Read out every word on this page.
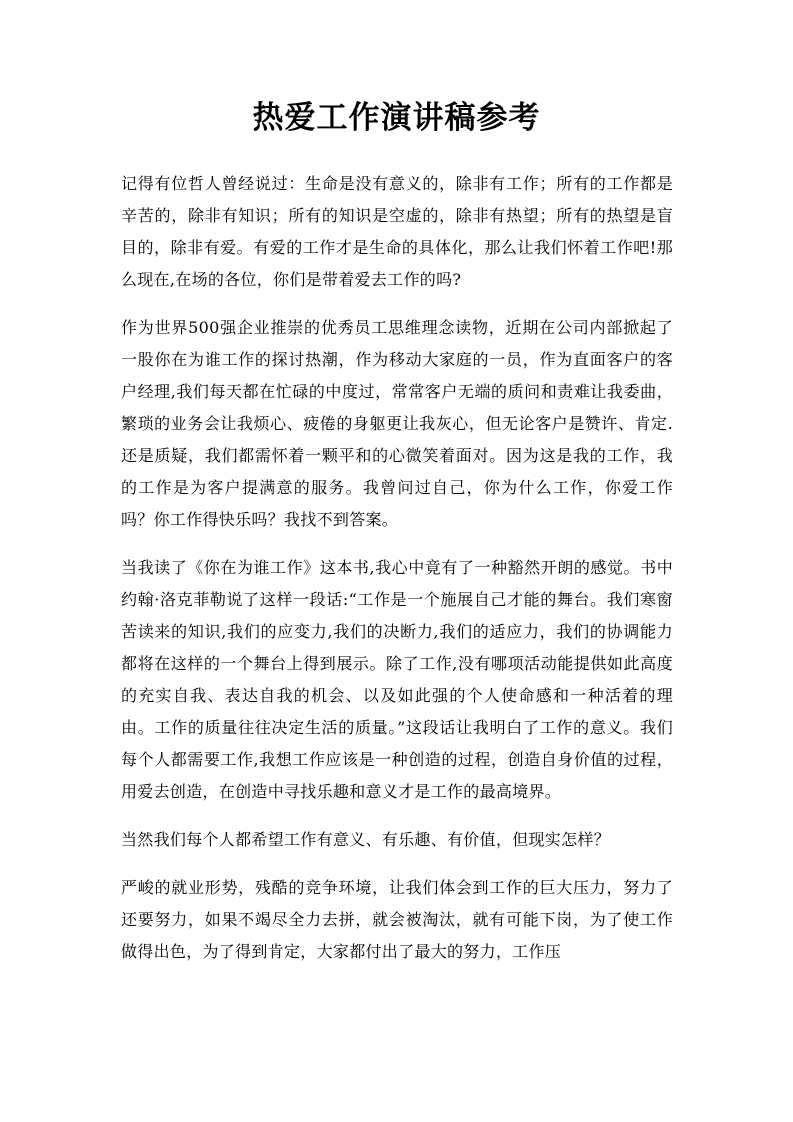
热爱工作演讲稿参考

记得有位哲人曾经说过：生命是没有意义的，除非有工作；所有的工作都是辛苦的，除非有知识；所有的知识是空虚的，除非有热望；所有的热望是盲目的，除非有爱。有爱的工作才是生命的具体化，那么让我们怀着工作吧!那么现在,在场的各位，你们是带着爱去工作的吗?

作为世界500强企业推崇的优秀员工思维理念读物，近期在公司内部掀起了一股你在为谁工作的探讨热潮，作为移动大家庭的一员，作为直面客户的客户经理,我们每天都在忙碌的中度过，常常客户无端的质问和责难让我委曲，繁琐的业务会让我烦心、疲倦的身躯更让我灰心，但无论客户是赞许、肯定.还是质疑，我们都需怀着一颗平和的心微笑着面对。因为这是我的工作，我的工作是为客户提满意的服务。我曾问过自己，你为什么工作，你爱工作吗？你工作得快乐吗？我找不到答案。

当我读了《你在为谁工作》这本书,我心中竟有了一种豁然开朗的感觉。书中约翰·洛克菲勒说了这样一段话:“工作是一个施展自己才能的舞台。我们寒窗苦读来的知识,我们的应变力,我们的决断力,我们的适应力，我们的协调能力都将在这样的一个舞台上得到展示。除了工作,没有哪项活动能提供如此高度的充实自我、表达自我的机会、以及如此强的个人使命感和一种活着的理由。工作的质量往往决定生活的质量。”这段话让我明白了工作的意义。我们每个人都需要工作,我想工作应该是一种创造的过程，创造自身价值的过程，用爱去创造，在创造中寻找乐趣和意义才是工作的最高境界。

当然我们每个人都希望工作有意义、有乐趣、有价值，但现实怎样？

严峻的就业形势，残酷的竞争环境，让我们体会到工作的巨大压力，努力了还要努力，如果不竭尽全力去拼，就会被淘汰，就有可能下岗，为了使工作做得出色，为了得到肯定，大家都付出了最大的努力，工作压
